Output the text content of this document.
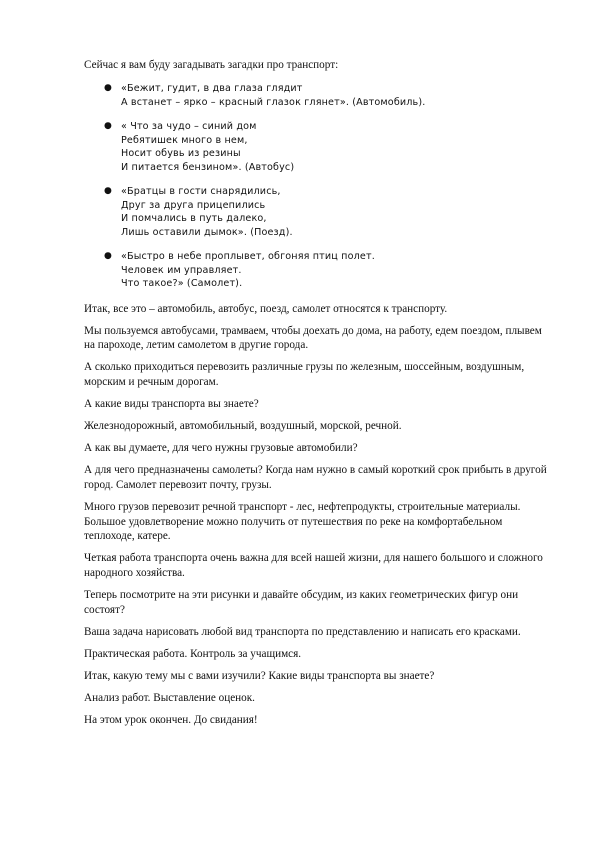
Сейчас я вам буду загадывать загадки про транспорт:

● «Бежит, гудит, в два глаза глядит
А встанет – ярко – красный глазок глянет». (Автомобиль).
● « Что за чудо – синий дом
Ребятишек много в нем,
Носит обувь из резины
И питается бензином». (Автобус)
● «Братцы в гости снарядились,
Друг за друга прицепились
И помчались в путь далеко,
Лишь оставили дымок». (Поезд).
● «Быстро в небе проплывет, обгоняя птиц полет.
Человек им управляет.
Что такое?» (Самолет).

Итак, все это – автомобиль, автобус, поезд, самолет относятся к транспорту.

Мы пользуемся автобусами, трамваем, чтобы доехать до дома, на работу, едем поездом, плывем на пароходе, летим самолетом в другие города.

А сколько приходиться перевозить различные грузы по железным, шоссейным, воздушным, морским и речным дорогам.

А какие виды транспорта вы знаете?

Железнодорожный, автомобильный, воздушный, морской, речной.

А как вы думаете, для чего нужны грузовые автомобили?

А для чего предназначены самолеты? Когда нам нужно в самый короткий срок прибыть в другой город. Самолет перевозит почту, грузы.

Много грузов перевозит речной транспорт - лес, нефтепродукты, строительные материалы. Большое удовлетворение можно получить от путешествия по реке на комфортабельном теплоходе, катере.

Четкая работа транспорта очень важна для всей нашей жизни, для нашего большого и сложного народного хозяйства.

Теперь посмотрите на эти рисунки и давайте обсудим, из каких геометрических фигур они состоят?

Ваша задача нарисовать любой вид транспорта по представлению и написать его красками.

Практическая работа. Контроль за учащимся.

Итак, какую тему мы с вами изучили? Какие виды транспорта вы знаете?

Анализ работ. Выставление оценок.

На этом урок окончен. До свидания!
